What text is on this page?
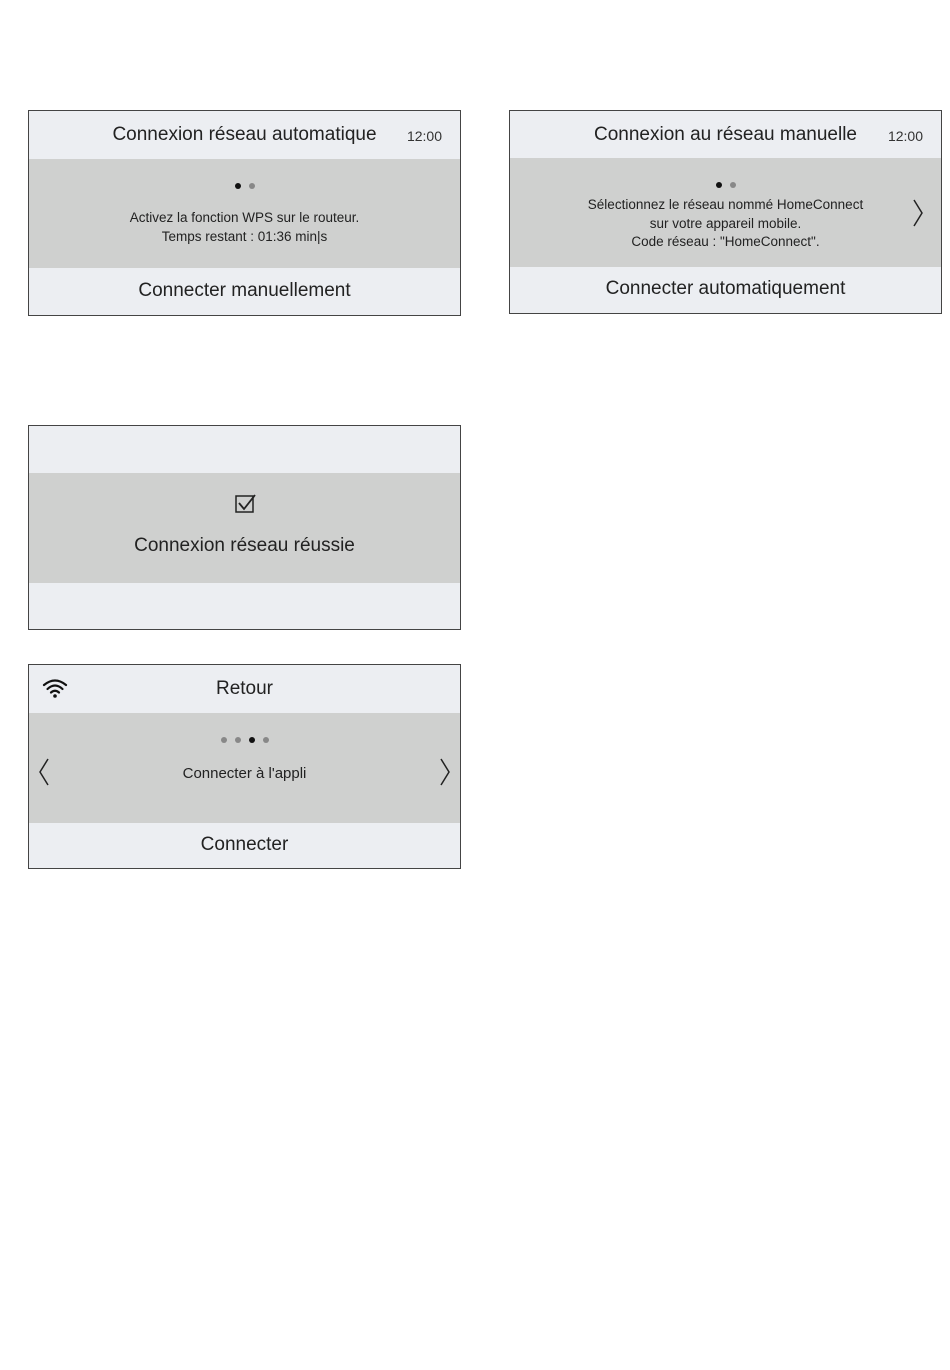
Connexion réseau automatique	12:00
Activez la fonction WPS sur le routeur.
Temps restant : 01:36 min|s
Connecter manuellement
Connexion au réseau manuelle	12:00
Sélectionnez le réseau nommé HomeConnect
sur votre appareil mobile.
Code réseau : "HomeConnect".
Connecter automatiquement
Connexion réseau réussie
Retour
Connecter à l'appli
Connecter
